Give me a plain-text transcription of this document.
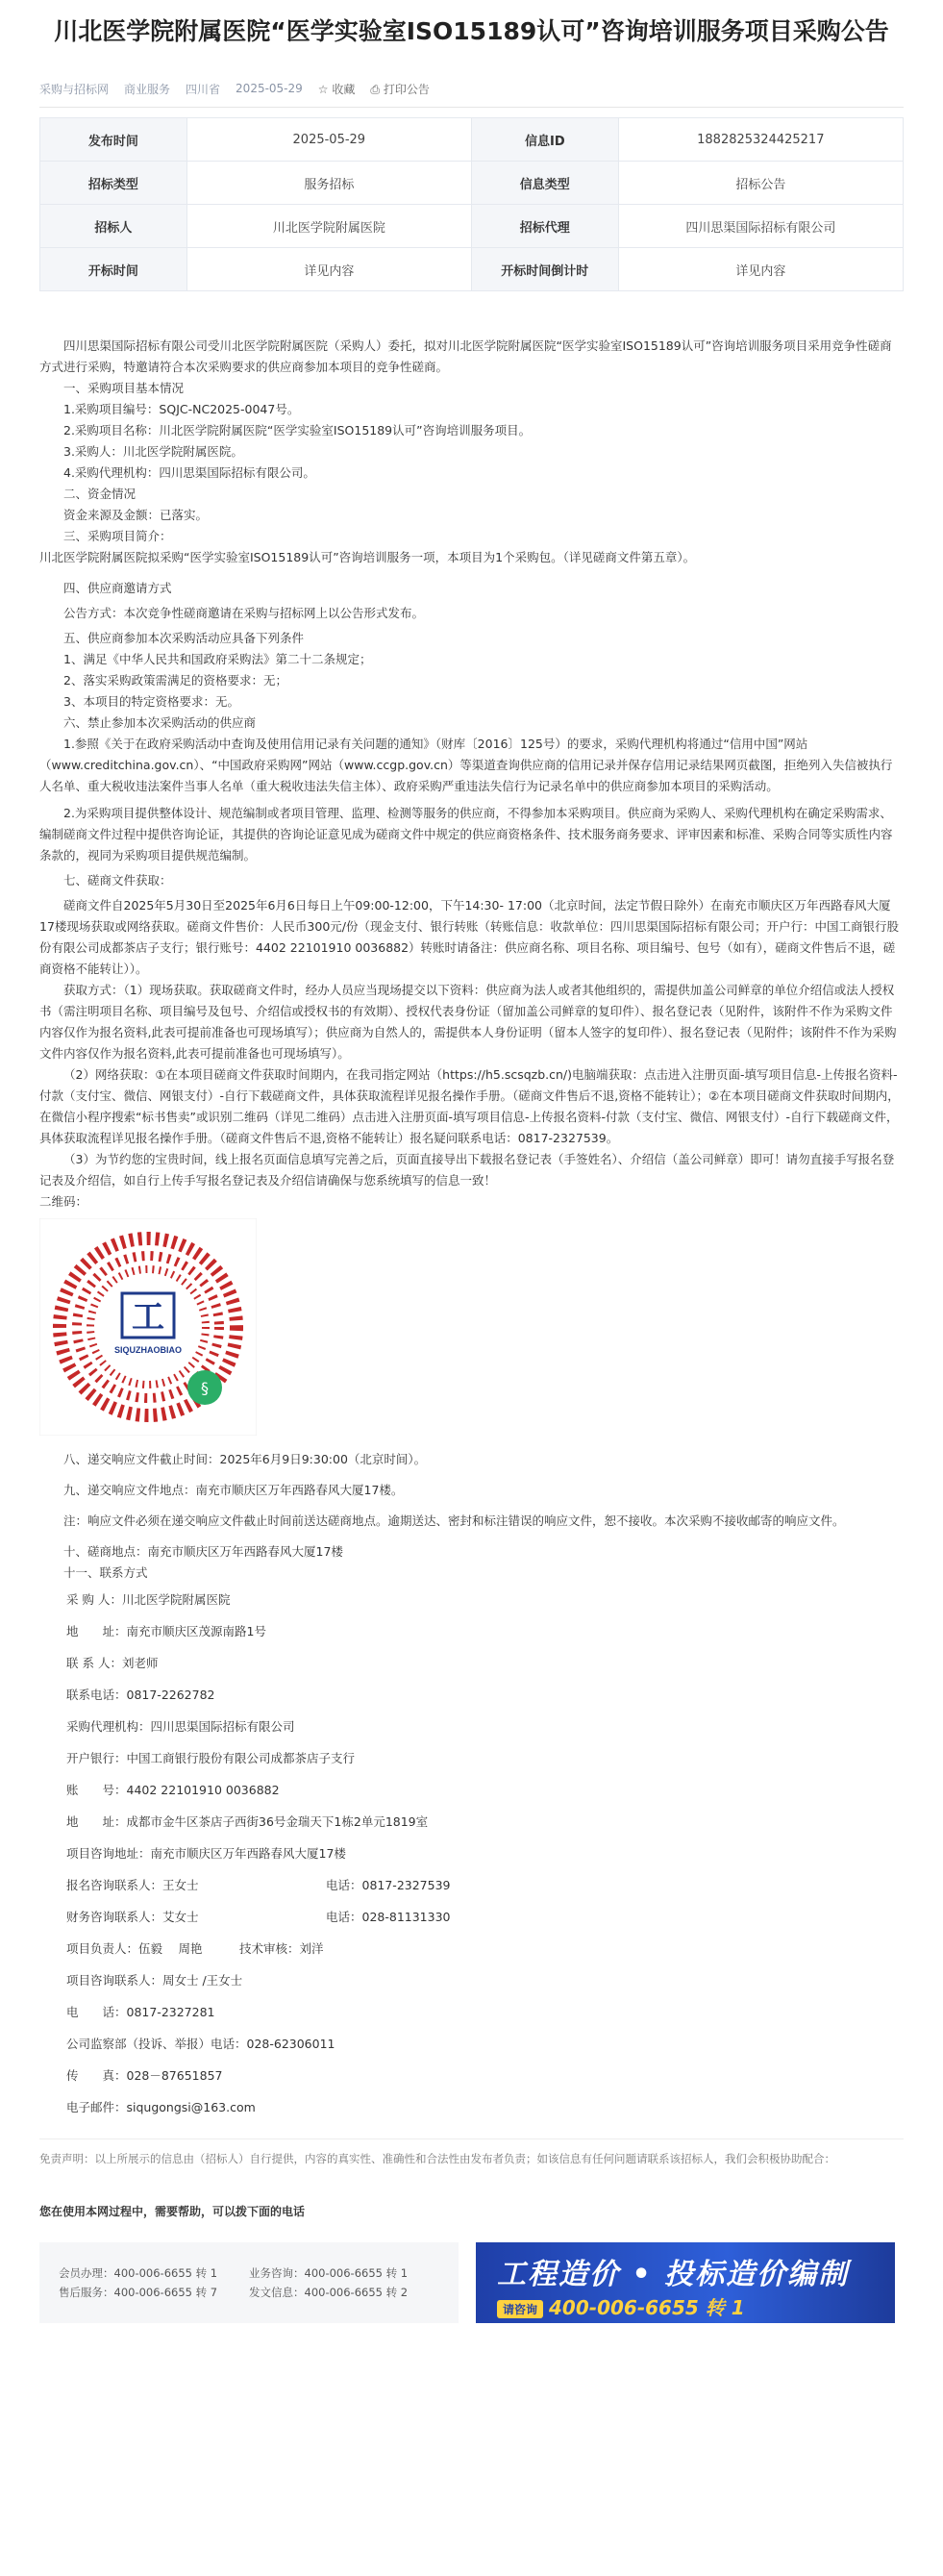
川北医学院附属医院“医学实验室ISO15189认可”咨询培训服务项目采购公告
采购与招标网 商业服务 四川省 2025-05-29 ☆ 收藏 ⎙ 打印公告
发布时间	2025-05-29	信息ID	1882825324425217
招标类型	服务招标	信息类型	招标公告
招标人	川北医学院附属医院	招标代理	四川思渠国际招标有限公司
开标时间	详见内容	开标时间倒计时	详见内容

四川思渠国际招标有限公司受川北医学院附属医院（采购人）委托，拟对川北医学院附属医院“医学实验室ISO15189认可”咨询培训服务项目采用竞争性磋商方式进行采购，特邀请符合本次采购要求的供应商参加本项目的竞争性磋商。

一、采购项目基本情况

1.采购项目编号：SQJC-NC2025-0047号。

2.采购项目名称：川北医学院附属医院“医学实验室ISO15189认可”咨询培训服务项目。

3.采购人：川北医学院附属医院。

4.采购代理机构：四川思渠国际招标有限公司。

二、资金情况

资金来源及金额：已落实。

三、采购项目简介：

川北医学院附属医院拟采购“医学实验室ISO15189认可”咨询培训服务一项，本项目为1个采购包。（详见磋商文件第五章）。

四、供应商邀请方式

公告方式：本次竞争性磋商邀请在采购与招标网上以公告形式发布。

五、供应商参加本次采购活动应具备下列条件

1、满足《中华人民共和国政府采购法》第二十二条规定；

2、落实采购政策需满足的资格要求：无；

3、本项目的特定资格要求：无。

六、禁止参加本次采购活动的供应商

1.参照《关于在政府采购活动中查询及使用信用记录有关问题的通知》（财库〔2016〕125号）的要求，采购代理机构将通过“信用中国”网站（www.creditchina.gov.cn）、“中国政府采购网”网站（www.ccgp.gov.cn）等渠道查询供应商的信用记录并保存信用记录结果网页截图，拒绝列入失信被执行人名单、重大税收违法案件当事人名单（重大税收违法失信主体）、政府采购严重违法失信行为记录名单中的供应商参加本项目的采购活动。

2.为采购项目提供整体设计、规范编制或者项目管理、监理、检测等服务的供应商，不得参加本采购项目。供应商为采购人、采购代理机构在确定采购需求、编制磋商文件过程中提供咨询论证，其提供的咨询论证意见成为磋商文件中规定的供应商资格条件、技术服务商务要求、评审因素和标准、采购合同等实质性内容条款的，视同为采购项目提供规范编制。

七、磋商文件获取：

磋商文件自2025年5月30日至2025年6月6日每日上午09:00-12:00，下午14:30- 17:00（北京时间，法定节假日除外）在南充市顺庆区万年西路春风大厦17楼现场获取或网络获取。磋商文件售价：人民币300元/份（现金支付、银行转账（转账信息：收款单位：四川思渠国际招标有限公司；开户行：中国工商银行股份有限公司成都茶店子支行；银行账号：4402 22101910 0036882）转账时请备注：供应商名称、项目名称、项目编号、包号（如有），磋商文件售后不退，磋商资格不能转让））。

获取方式：（1）现场获取。获取磋商文件时，经办人员应当现场提交以下资料：供应商为法人或者其他组织的，需提供加盖公司鲜章的单位介绍信或法人授权书（需注明项目名称、项目编号及包号、介绍信或授权书的有效期）、授权代表身份证（留加盖公司鲜章的复印件）、报名登记表（见附件，该附件不作为采购文件内容仅作为报名资料,此表可提前准备也可现场填写）；供应商为自然人的，需提供本人身份证明（留本人签字的复印件）、报名登记表（见附件；该附件不作为采购文件内容仅作为报名资料,此表可提前准备也可现场填写）。

（2）网络获取：①在本项目磋商文件获取时间期内，在我司指定网站（https://h5.scsqzb.cn/)电脑端获取：点击进入注册页面-填写项目信息-上传报名资料-付款（支付宝、微信、网银支付）-自行下载磋商文件，具体获取流程详见报名操作手册。（磋商文件售后不退,资格不能转让）；②在本项目磋商文件获取时间期内，在微信小程序搜索“标书售卖”或识别二维码（详见二维码）点击进入注册页面-填写项目信息-上传报名资料-付款（支付宝、微信、网银支付）-自行下载磋商文件，具体获取流程详见报名操作手册。（磋商文件售后不退,资格不能转让）报名疑问联系电话：0817-2327539。

（3）为节约您的宝贵时间，线上报名页面信息填写完善之后，页面直接导出下载报名登记表（手签姓名）、介绍信（盖公司鲜章）即可！请勿直接手写报名登记表及介绍信，如自行上传手写报名登记表及介绍信请确保与您系统填写的信息一致！

二维码：

工
SIQUZHAOBIAO
§

八、递交响应文件截止时间：2025年6月9日9:30:00（北京时间）。

九、递交响应文件地点：南充市顺庆区万年西路春风大厦17楼。

注：响应文件必须在递交响应文件截止时间前送达磋商地点。逾期送达、密封和标注错误的响应文件，恕不接收。本次采购不接收邮寄的响应文件。

十、磋商地点：南充市顺庆区万年西路春风大厦17楼

十一、联系方式

采 购 人：川北医学院附属医院

地　　址：南充市顺庆区茂源南路1号

联 系 人：刘老师

联系电话：0817-2262782

采购代理机构：四川思渠国际招标有限公司

开户银行：中国工商银行股份有限公司成都茶店子支行

账　　号：4402 22101910 0036882

地　　址：成都市金牛区茶店子西街36号金瑞天下1栋2单元1819室

项目咨询地址：南充市顺庆区万年西路春风大厦17楼

报名咨询联系人：王女士	电话：0817-2327539

财务咨询联系人：艾女士	电话：028-81131330

项目负责人：伍毅　 周艳	技术审核：刘洋

项目咨询联系人：周女士 /王女士

电　　话：0817-2327281

公司监察部（投诉、举报）电话：028-62306011

传　　真：028－87651857

电子邮件：siqugongsi@163.com

免责声明：以上所展示的信息由（招标人）自行提供，内容的真实性、准确性和合法性由发布者负责；如该信息有任何问题请联系该招标人，我们会积极协助配合：
您在使用本网过程中，需要帮助，可以拨下面的电话
会员办理：400-006-6655 转 1	业务咨询：400-006-6655 转 1
售后服务：400-006-6655 转 7	发文信息：400-006-6655 转 2
工程造价 • 投标造价编制
请咨询 400-006-6655 转 1
